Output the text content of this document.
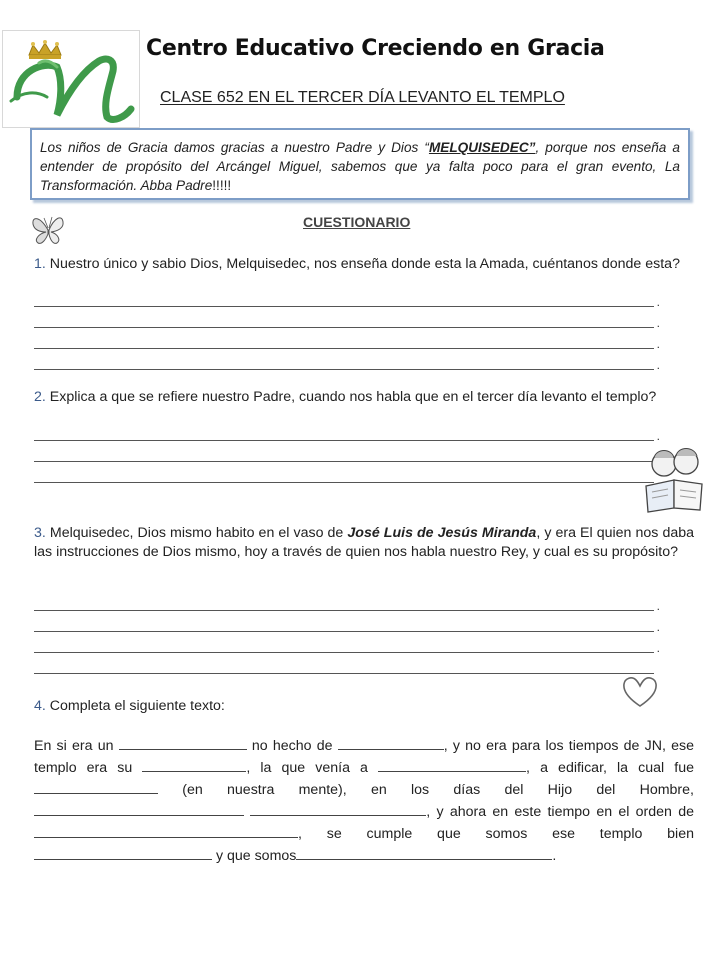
Centro Educativo Creciendo en Gracia
CLASE 652 EN EL TERCER DÍA LEVANTO EL TEMPLO
Los niños de Gracia damos gracias a nuestro Padre y Dios “MELQUISEDEC”, porque nos enseña a entender de propósito del Arcángel Miguel, sabemos que ya falta poco para el gran evento, La Transformación. Abba Padre!!!!!
CUESTIONARIO
1. Nuestro único y sabio Dios, Melquisedec, nos enseña donde esta la Amada, cuéntanos donde esta?
.
.
.
.
2. Explica a que se refiere nuestro Padre, cuando nos habla que en el tercer día levanto el templo?
.
3. Melquisedec, Dios mismo habito en el vaso de José Luis de Jesús Miranda, y era El quien nos daba las instrucciones de Dios mismo, hoy a través de quien nos habla nuestro Rey, y cual es su propósito?
.
.
.
4. Completa el siguiente texto:
En si era un	no hecho de	, y no era para los tiempos de JN, ese templo era su	, la que venía a	, a edificar, la cual fue  (en nuestra mente), en los días del Hijo del Hombre,  , y ahora en este tiempo en el orden de , se cumple que somos ese templo bien  y que somos	.
